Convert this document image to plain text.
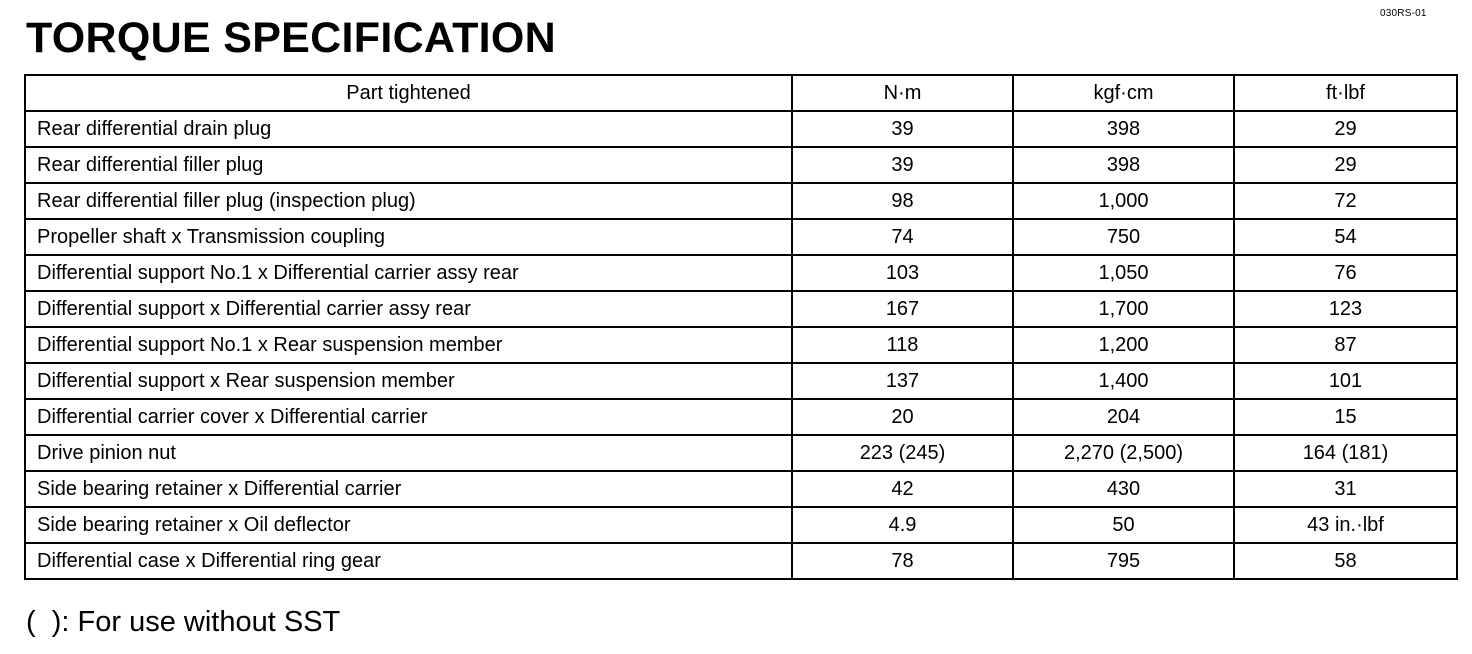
030RS-01
TORQUE SPECIFICATION
Part tightened	N·m	kgf·cm	ft·lbf
Rear differential drain plug	39	398	29
Rear differential filler plug	39	398	29
Rear differential filler plug (inspection plug)	98	1,000	72
Propeller shaft x Transmission coupling	74	750	54
Differential support No.1 x Differential carrier assy rear	103	1,050	76
Differential support x Differential carrier assy rear	167	1,700	123
Differential support No.1 x Rear suspension member	118	1,200	87
Differential support x Rear suspension member	137	1,400	101
Differential carrier cover x Differential carrier	20	204	15
Drive pinion nut	223 (245)	2,270 (2,500)	164 (181)
Side bearing retainer x Differential carrier	42	430	31
Side bearing retainer x Oil deflector	4.9	50	43 in.·lbf
Differential case x Differential ring gear	78	795	58
(  ): For use without SST
